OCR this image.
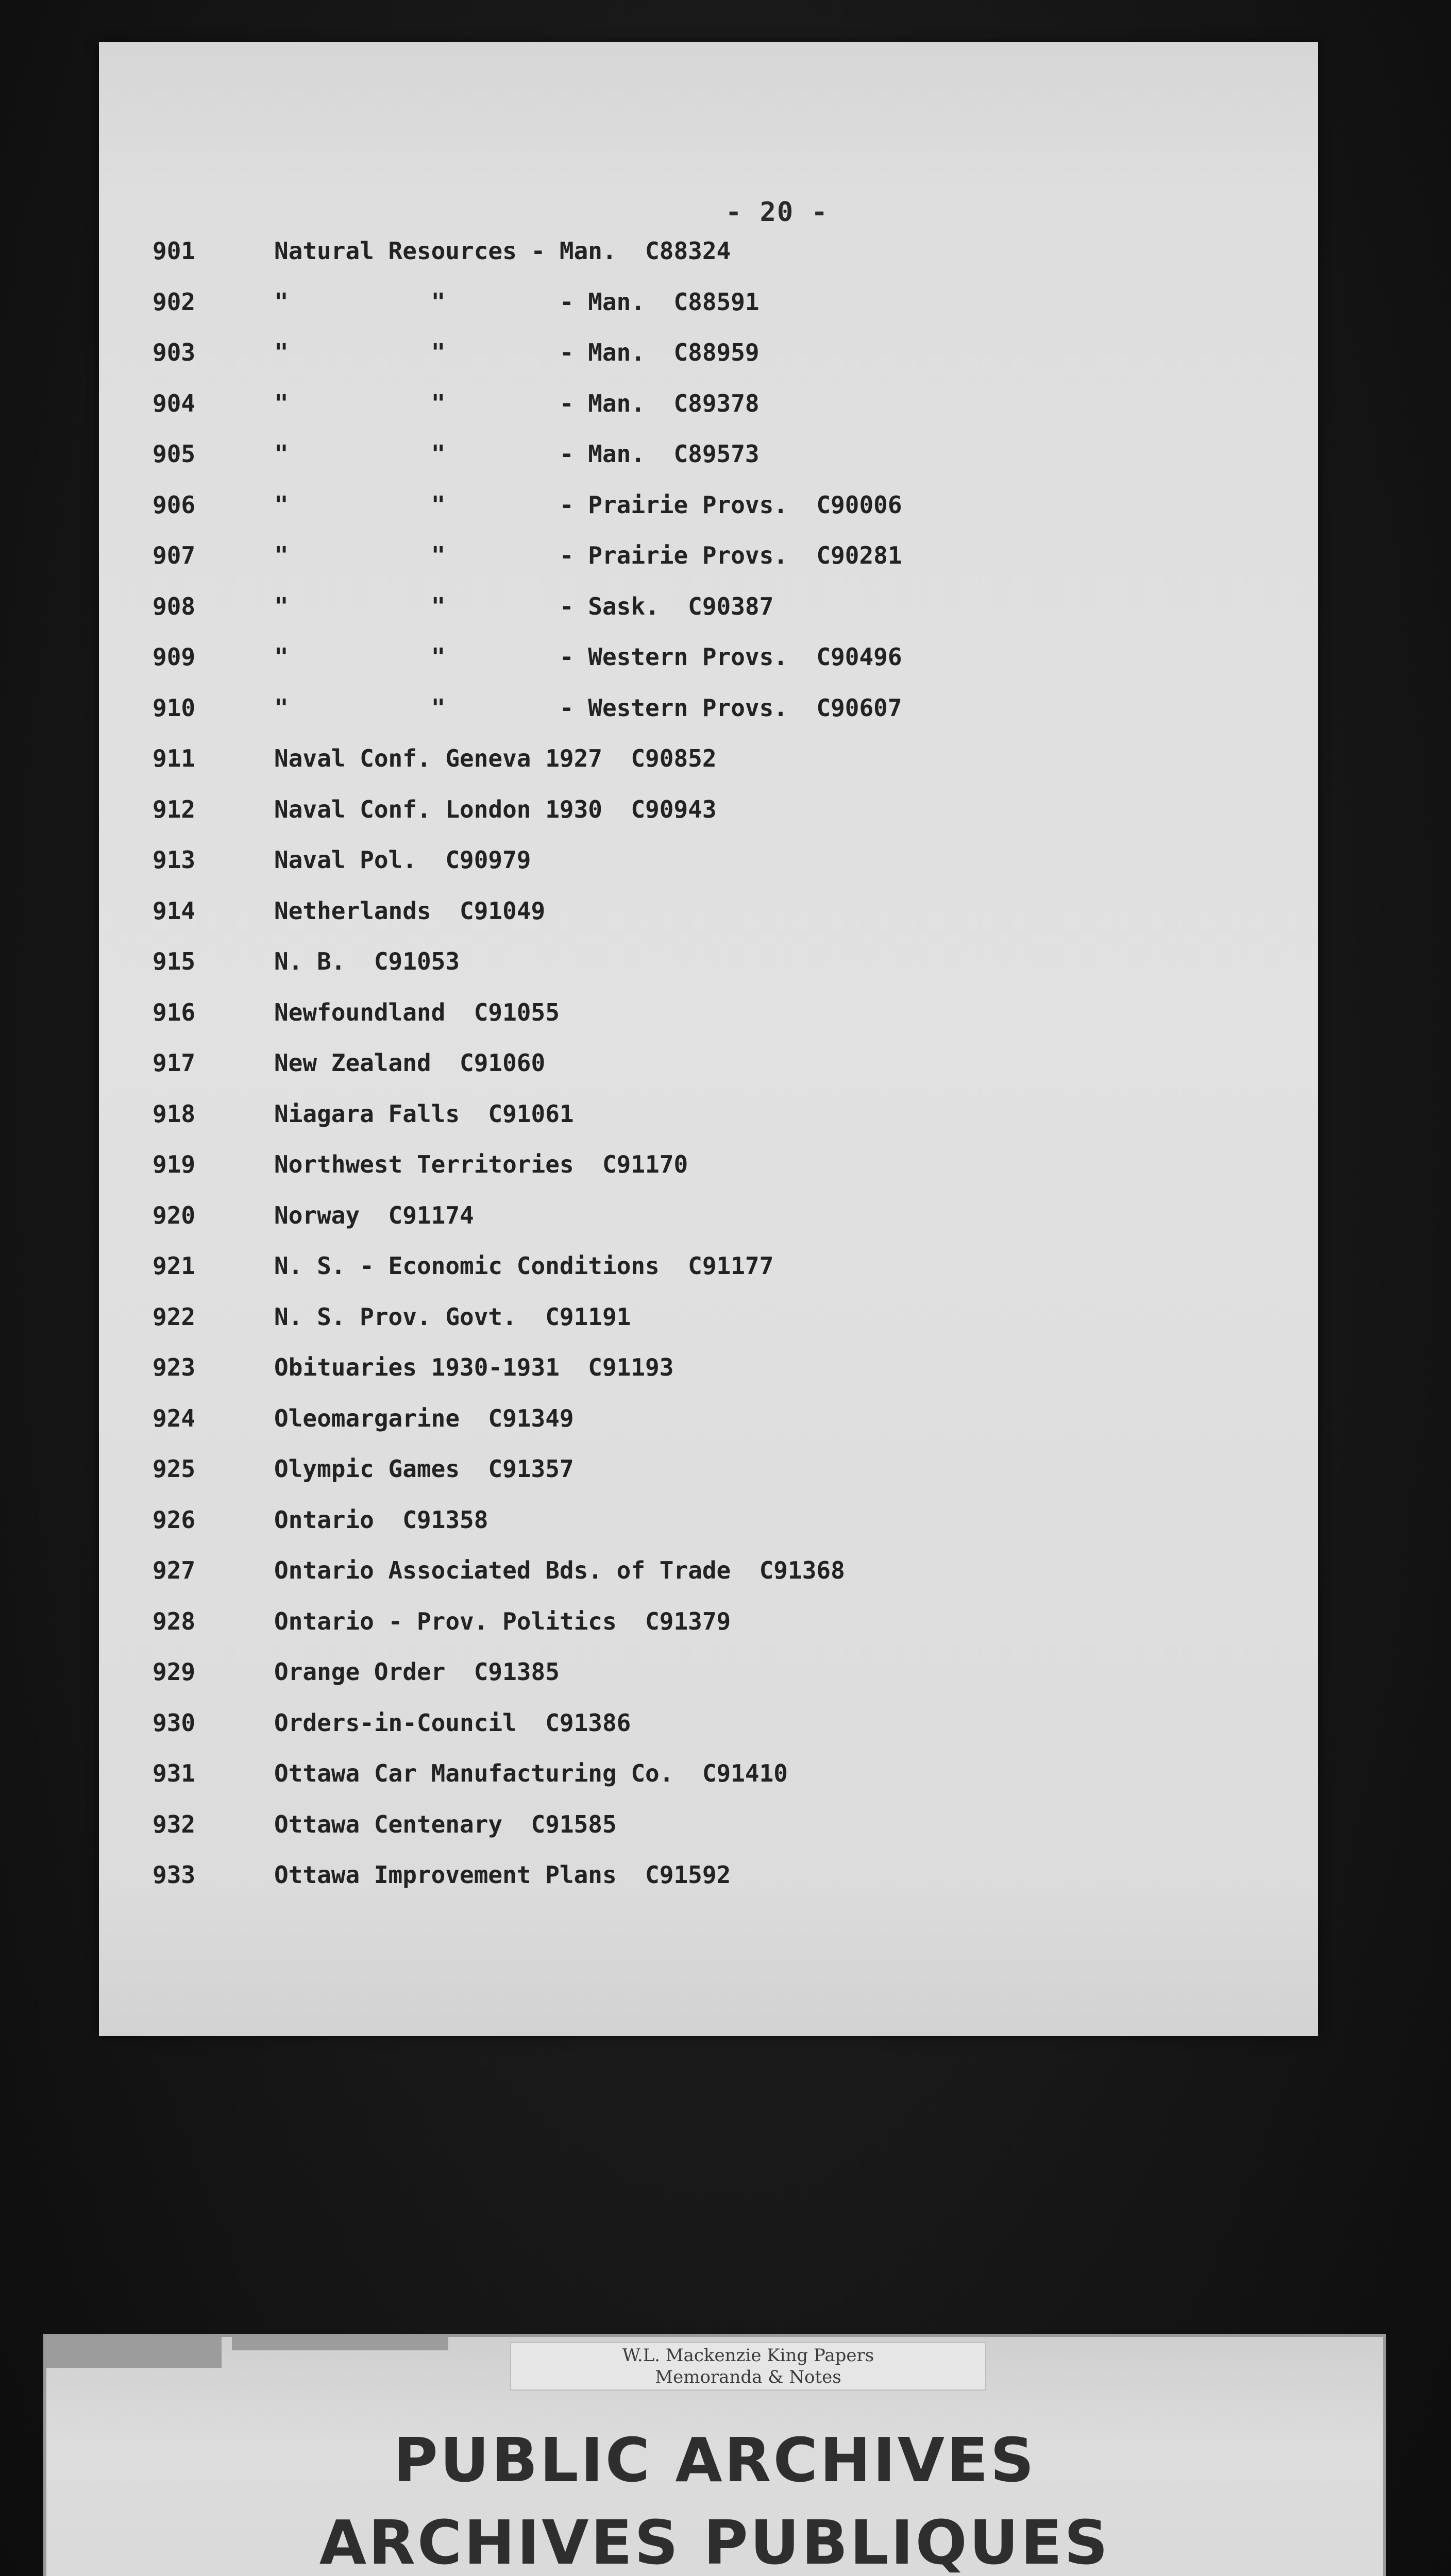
- 20 -
901	Natural Resources - Man.  C88324
902	"          "        - Man.  C88591
903	"          "        - Man.  C88959
904	"          "        - Man.  C89378
905	"          "        - Man.  C89573
906	"          "        - Prairie Provs.  C90006
907	"          "        - Prairie Provs.  C90281
908	"          "        - Sask.  C90387
909	"          "        - Western Provs.  C90496
910	"          "        - Western Provs.  C90607
911	Naval Conf. Geneva 1927  C90852
912	Naval Conf. London 1930  C90943
913	Naval Pol.  C90979
914	Netherlands  C91049
915	N. B.  C91053
916	Newfoundland  C91055
917	New Zealand  C91060
918	Niagara Falls  C91061
919	Northwest Territories  C91170
920	Norway  C91174
921	N. S. - Economic Conditions  C91177
922	N. S. Prov. Govt.  C91191
923	Obituaries 1930-1931  C91193
924	Oleomargarine  C91349
925	Olympic Games  C91357
926	Ontario  C91358
927	Ontario Associated Bds. of Trade  C91368
928	Ontario - Prov. Politics  C91379
929	Orange Order  C91385
930	Orders-in-Council  C91386
931	Ottawa Car Manufacturing Co.  C91410
932	Ottawa Centenary  C91585
933	Ottawa Improvement Plans  C91592
W.L. Mackenzie King Papers
Memoranda & Notes
PUBLIC ARCHIVES
ARCHIVES PUBLIQUES
